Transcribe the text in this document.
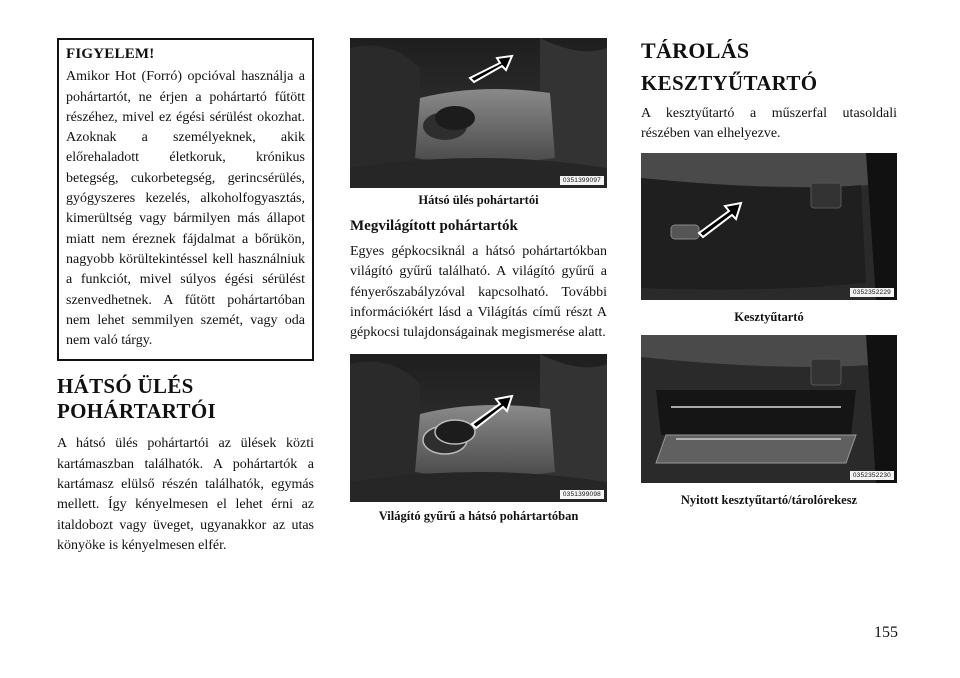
FIGYELEM!

Amikor Hot (Forró) opcióval használja a pohártartót, ne érjen a pohártartó fűtött részéhez, mivel ez égési sérülést okozhat. Azoknak a személyeknek, akik előrehaladott életkoruk, krónikus betegség, cukorbetegség, gerincsérülés, gyógyszeres kezelés, alkoholfogyasztás, kimerültség vagy bármilyen más állapot miatt nem éreznek fájdalmat a bőrükön, nagyobb körültekintéssel kell használniuk a funkciót, mivel súlyos égési sérülést szenvedhetnek. A fűtött pohártartóban nem lehet semmilyen szemét, vagy oda nem való tárgy.

HÁTSÓ ÜLÉS
POHÁRTARTÓI

A hátsó ülés pohártartói az ülések közti kartámaszban találhatók. A pohártartók a kartámasz elülső részén találhatók, egymás mellett. Így kényelmesen el lehet érni az italdobozt vagy üveget, ugyanakkor az utas könyöke is kényelmesen elfér.

0351399097
Hátsó ülés pohártartói
Megvilágított pohártartók

Egyes gépkocsiknál a hátsó pohártartókban világító gyűrű található. A világító gyűrű a fényerőszabályzóval kapcsolható. További információkért lásd a Világítás című részt A gépkocsi tulajdonságainak megismerése alatt.

0351399098
Világító gyűrű a hátsó pohártartóban
TÁROLÁS
KESZTYŰTARTÓ

A kesztyűtartó a műszerfal utasoldali részében van elhelyezve.

0352352229
Kesztyűtartó
0352352230
Nyitott kesztyűtartó/tárolórekesz
155
